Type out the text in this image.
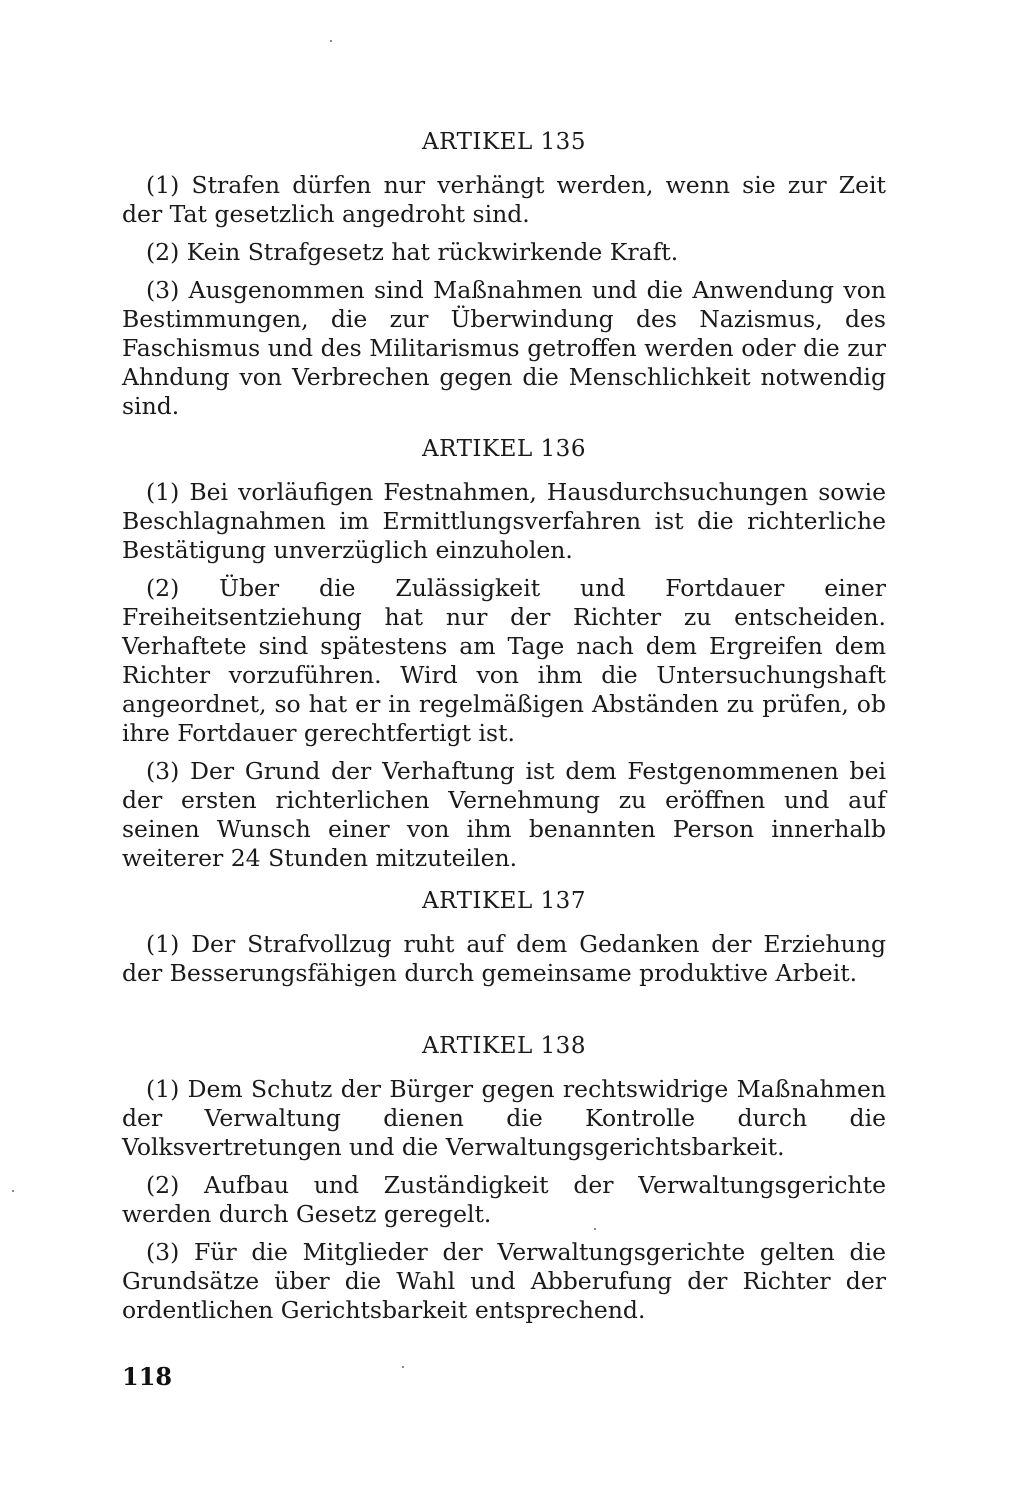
ARTIKEL 135

(1) Strafen dürfen nur verhängt werden, wenn sie zur Zeit der Tat gesetzlich angedroht sind.

(2) Kein Strafgesetz hat rückwirkende Kraft.

(3) Ausgenommen sind Maßnahmen und die Anwendung von Bestimmungen, die zur Überwindung des Nazismus, des Faschismus und des Militarismus getroffen werden oder die zur Ahndung von Verbrechen gegen die Menschlichkeit notwendig sind.

ARTIKEL 136

(1) Bei vorläufigen Festnahmen, Hausdurchsuchungen sowie Beschlagnahmen im Ermittlungsverfahren ist die richterliche Bestätigung unverzüglich einzuholen.

(2) Über die Zulässigkeit und Fortdauer einer Freiheitsentziehung hat nur der Richter zu entscheiden. Verhaftete sind spätestens am Tage nach dem Ergreifen dem Richter vorzuführen. Wird von ihm die Untersuchungshaft angeordnet, so hat er in regelmäßigen Abständen zu prüfen, ob ihre Fortdauer gerechtfertigt ist.

(3) Der Grund der Verhaftung ist dem Festgenommenen bei der ersten richterlichen Vernehmung zu eröffnen und auf seinen Wunsch einer von ihm benannten Person innerhalb weiterer 24 Stunden mitzuteilen.

ARTIKEL 137

(1) Der Strafvollzug ruht auf dem Gedanken der Erziehung der Besserungsfähigen durch gemeinsame produktive Arbeit.

ARTIKEL 138

(1) Dem Schutz der Bürger gegen rechtswidrige Maßnahmen der Verwaltung dienen die Kontrolle durch die Volksvertretungen und die Verwaltungsgerichtsbarkeit.

(2) Aufbau und Zuständigkeit der Verwaltungsgerichte werden durch Gesetz geregelt.

(3) Für die Mitglieder der Verwaltungsgerichte gelten die Grundsätze über die Wahl und Abberufung der Richter der ordentlichen Gerichtsbarkeit entsprechend.

118
